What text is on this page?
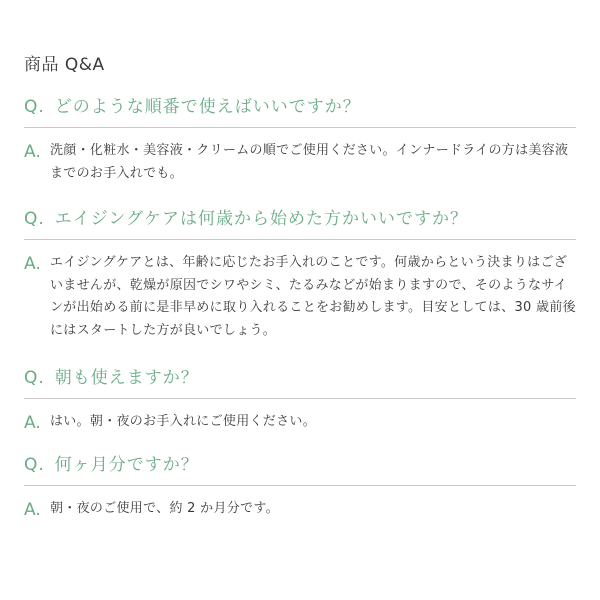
商品 Q&A
Q. どのような順番で使えばいいですか？
A. 洗顔・化粧水・美容液・クリームの順でご使用ください。インナードライの方は美容液までのお手入れでも。

Q. エイジングケアは何歳から始めた方かいいですか？
A. エイジングケアとは、年齢に応じたお手入れのことです。何歳からという決まりはございませんが、乾燥が原因でシワやシミ、たるみなどが始まりますので、そのようなサインが出始める前に是非早めに取り入れることをお勧めします。目安としては、30 歳前後にはスタートした方が良いでしょう。

Q. 朝も使えますか？
A. はい。朝・夜のお手入れにご使用ください。

Q. 何ヶ月分ですか？
A. 朝・夜のご使用で、約 2 か月分です。
